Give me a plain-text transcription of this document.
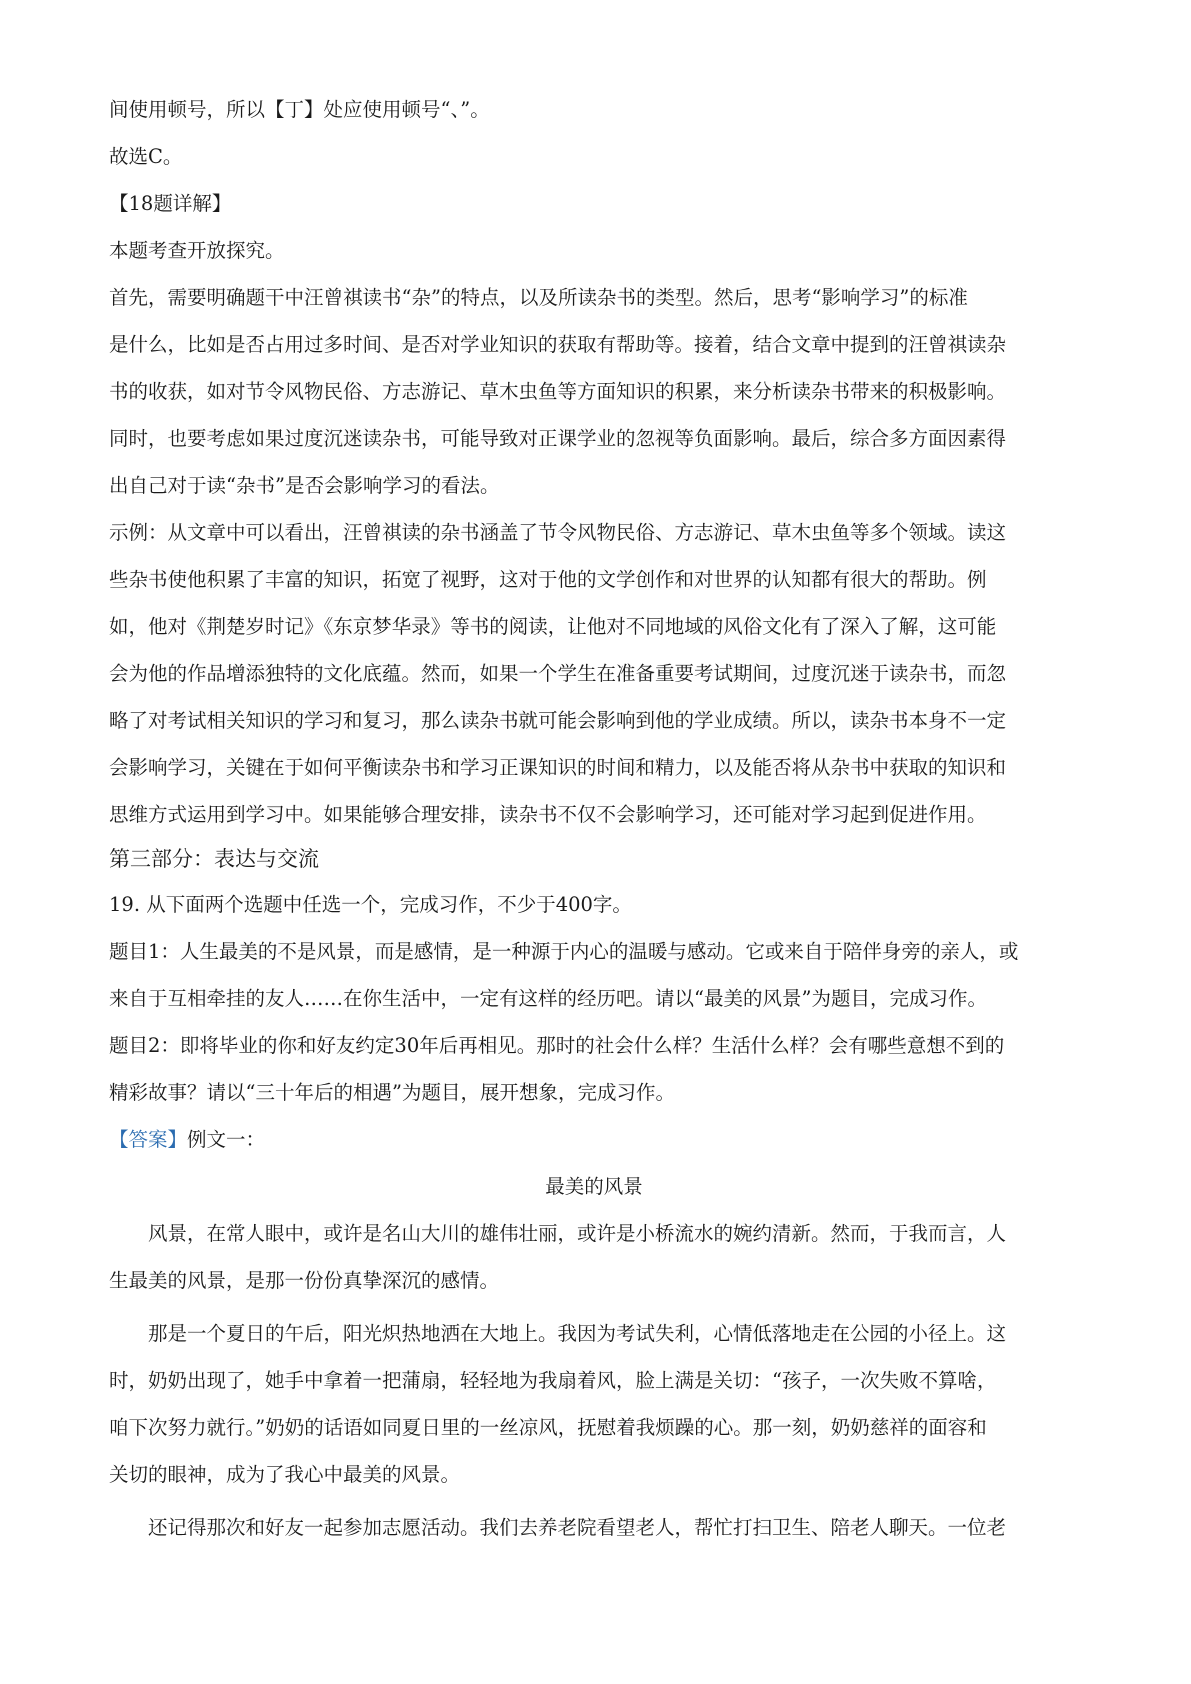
间使用顿号，所以【丁】处应使用顿号“、”。
故选C。
【18题详解】
本题考查开放探究。
首先，需要明确题干中汪曾祺读书“杂”的特点，以及所读杂书的类型。然后，思考“影响学习”的标准
是什么，比如是否占用过多时间、是否对学业知识的获取有帮助等。接着，结合文章中提到的汪曾祺读杂
书的收获，如对节令风物民俗、方志游记、草木虫鱼等方面知识的积累，来分析读杂书带来的积极影响。
同时，也要考虑如果过度沉迷读杂书，可能导致对正课学业的忽视等负面影响。最后，综合多方面因素得
出自己对于读“杂书”是否会影响学习的看法。
示例：从文章中可以看出，汪曾祺读的杂书涵盖了节令风物民俗、方志游记、草木虫鱼等多个领域。读这
些杂书使他积累了丰富的知识，拓宽了视野，这对于他的文学创作和对世界的认知都有很大的帮助。例
如，他对《荆楚岁时记》《东京梦华录》等书的阅读，让他对不同地域的风俗文化有了深入了解，这可能
会为他的作品增添独特的文化底蕴。然而，如果一个学生在准备重要考试期间，过度沉迷于读杂书，而忽
略了对考试相关知识的学习和复习，那么读杂书就可能会影响到他的学业成绩。所以，读杂书本身不一定
会影响学习，关键在于如何平衡读杂书和学习正课知识的时间和精力，以及能否将从杂书中获取的知识和
思维方式运用到学习中。如果能够合理安排，读杂书不仅不会影响学习，还可能对学习起到促进作用。
第三部分：表达与交流
19. 从下面两个选题中任选一个，完成习作，不少于400字。
题目1：人生最美的不是风景，而是感情，是一种源于内心的温暖与感动。它或来自于陪伴身旁的亲人，或
来自于互相牵挂的友人……在你生活中，一定有这样的经历吧。请以“最美的风景”为题目，完成习作。
题目2：即将毕业的你和好友约定30年后再相见。那时的社会什么样？生活什么样？会有哪些意想不到的
精彩故事？请以“三十年后的相遇”为题目，展开想象，完成习作。
【答案】例文一：
最美的风景
风景，在常人眼中，或许是名山大川的雄伟壮丽，或许是小桥流水的婉约清新。然而，于我而言，人
生最美的风景，是那一份份真挚深沉的感情。
那是一个夏日的午后，阳光炽热地洒在大地上。我因为考试失利，心情低落地走在公园的小径上。这
时，奶奶出现了，她手中拿着一把蒲扇，轻轻地为我扇着风，脸上满是关切：“孩子，一次失败不算啥，
咱下次努力就行。”奶奶的话语如同夏日里的一丝凉风，抚慰着我烦躁的心。那一刻，奶奶慈祥的面容和
关切的眼神，成为了我心中最美的风景。
还记得那次和好友一起参加志愿活动。我们去养老院看望老人，帮忙打扫卫生、陪老人聊天。一位老
